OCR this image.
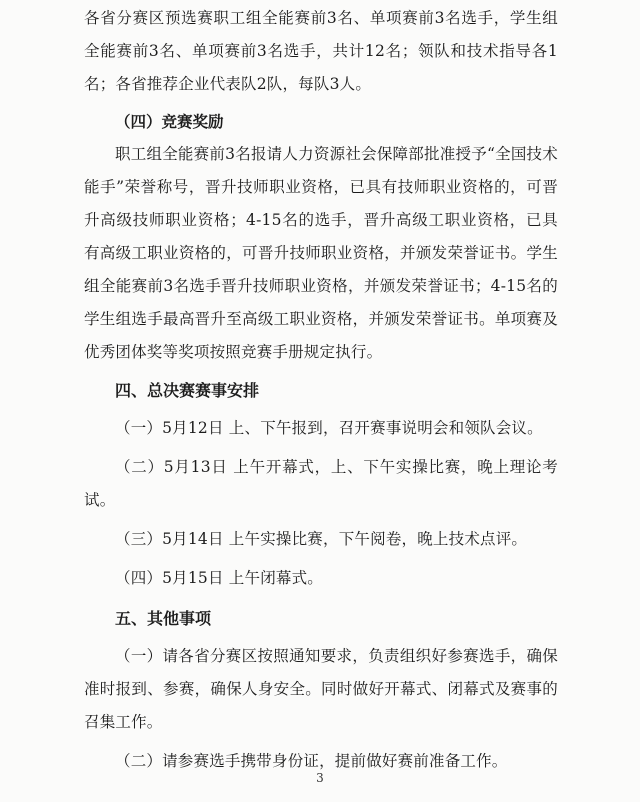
各省分赛区预选赛职工组全能赛前3名、单项赛前3名选手，学生组全能赛前3名、单项赛前3名选手，共计12名；领队和技术指导各1名；各省推荐企业代表队2队，每队3人。

（四）竞赛奖励

职工组全能赛前3名报请人力资源社会保障部批准授予“全国技术能手”荣誉称号，晋升技师职业资格，已具有技师职业资格的，可晋升高级技师职业资格；4-15名的选手，晋升高级工职业资格，已具有高级工职业资格的，可晋升技师职业资格，并颁发荣誉证书。学生组全能赛前3名选手晋升技师职业资格，并颁发荣誉证书；4-15名的学生组选手最高晋升至高级工职业资格，并颁发荣誉证书。单项赛及优秀团体奖等奖项按照竞赛手册规定执行。

四、总决赛赛事安排

（一）5月12日 上、下午报到，召开赛事说明会和领队会议。

（二）5月13日 上午开幕式，上、下午实操比赛，晚上理论考试。

（三）5月14日 上午实操比赛，下午阅卷，晚上技术点评。

（四）5月15日 上午闭幕式。

五、其他事项

（一）请各省分赛区按照通知要求，负责组织好参赛选手，确保准时报到、参赛，确保人身安全。同时做好开幕式、闭幕式及赛事的召集工作。

（二）请参赛选手携带身份证，提前做好赛前准备工作。

3
